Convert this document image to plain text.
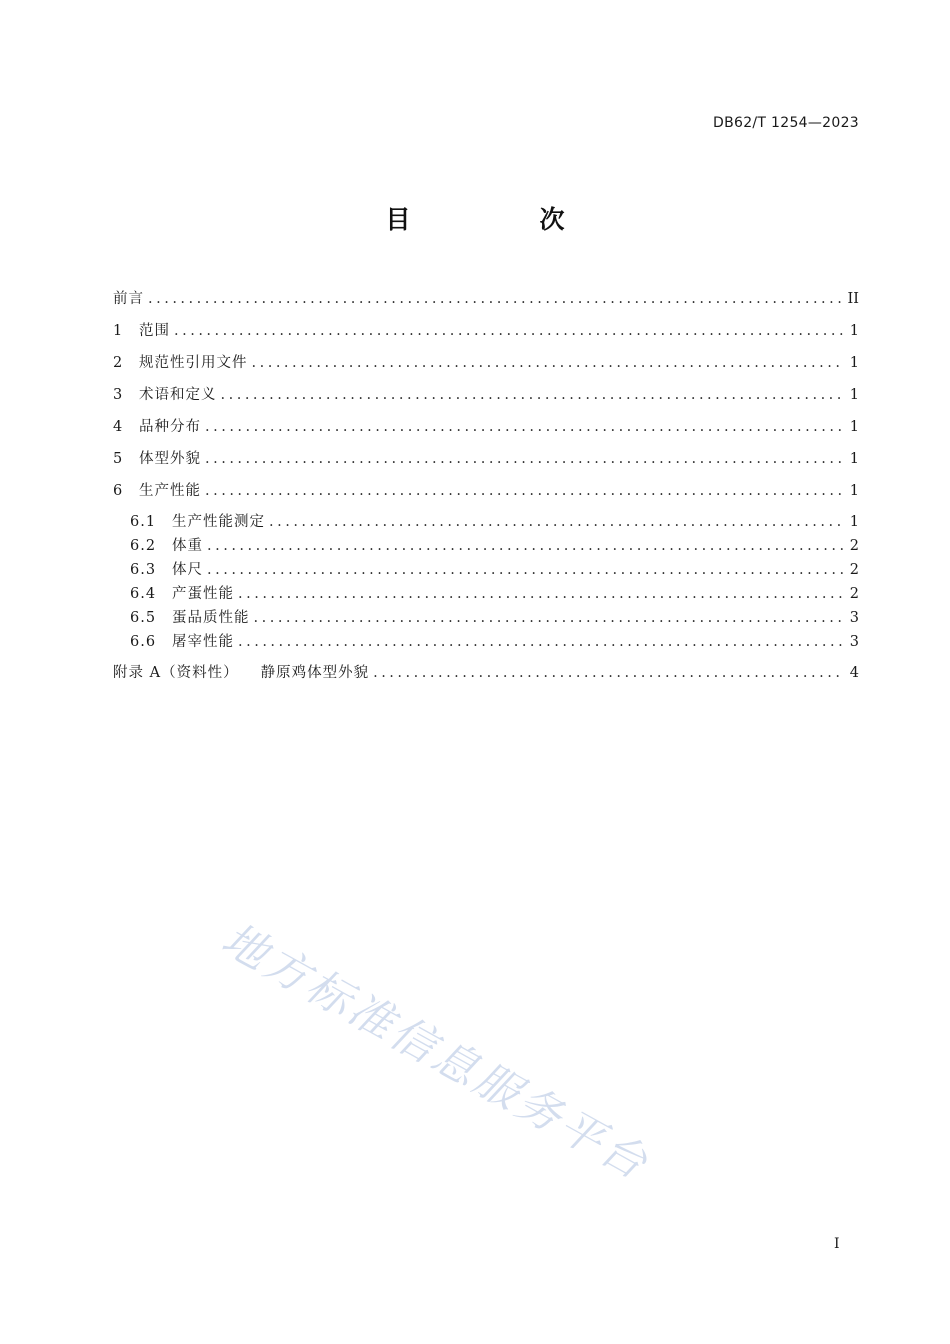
DB62/T 1254—2023
目　次
前言 .....	II
1	范围 .....	1
2	规范性引用文件 .....	1
3	术语和定义 .....	1
4	品种分布 .....	1
5	体型外貌 .....	1
6	生产性能 .....	1
6.1	生产性能测定 .....	1
6.2	体重 .....	2
6.3	体尺 .....	2
6.4	产蛋性能 .....	2
6.5	蛋品质性能 .....	3
6.6	屠宰性能 .....	3
附录 A（资料性） 静原鸡体型外貌 .....	4
地方标准信息服务平台
I
